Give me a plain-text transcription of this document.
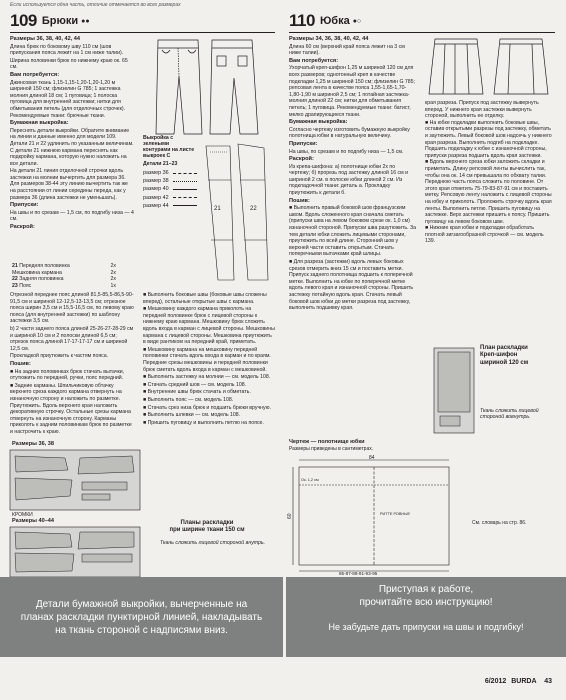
Если используется одна часть, отличие отмечается во всех размерах
109 Брюки ●●	110 Юбка ●○

Размеры 36, 38, 40, 42, 44

Длина брюк по боковому шву 110 см (шов припускания пояса лежит на 1 см ниже талии).

Ширина половинки брюк по нижнему краю ок. 65 см.

Вам потребуется:

Джинсовая ткань 1,15-1,15-1,20-1,20-1,20 м шириной 150 см; флизелин G 785; 1 застежка молния длиной 18 см; 1 пуговица; 1 полоска пуговица для внутренней застежки; нитки для обметывания петель (для отделочных строчек). Рекомендуемые ткани: брючные ткани.

Бумажная выкройка:

Переснять детали выкройки. Обратите внимание на линии и данные именно для модели 109. Детали 21 и 22 удлинить по указанным величинам. С детали 21 нижнюю кармана переснять как подкройку кармана, которую нужно наложить на все детали.

На детали 21 линия отделочной строчки вдоль застежки на молнии вычертить для размера 36. Для размеров 38-44 эту линию вычертить так же на расстоянии от линии середины переда, как у размера 36 (длина застежки не уменьшать).

Припуски:

На швы и по срезам — 1,5 см, по подгибу низа — 4 см.

Раскрой:

21 Передняя половинка	2x
Мешковина кармана	2x
22 Задняя половинка	2x
23 Пояс	1x

Отрезной переднее пояс длиной 81,5-85,5-86,5-90-91,5 см и шириной 12-12,5-13-13,5 см; отрезное пояса ширин 3,5 см и 15,5-16,5 см, по левому краю пояса (для внутренней застежки) по шаблону застежки 3,5 см.

b) 2 части заднего пояса длиной 25-26-27-28-29 см и шириной 10 см и 2 полоски длиной 6,5 см; отрезок пояса длиной 17-17-17-17 см и шириной 12,5 см.

Прокладкой приутюжить к частям пояса.

Пошив:

■ На задних половинках брюк стачать вытачки, отутюжить по передней, ручки, пояс передний.

■ Задние карманы. Шпильчиковую обтачку верхнего среза каждого кармана отвернуть на изнаночную сторону и наложить по разметке. Приутюжить. Вдоль верхнего края наложить декоративную строчку. Остальные срезы кармана отвернуть на изнаночную сторону. Карманы приколоть к задним половинкам брюк по разметке и настрочить к краю.

Выкройка с зелеными контурами на листе выкроек С
Детали 21–23
размер 36
размер 38
размер 40
размер 42
размер 44
21	22
Размеры 36, 38
КРОМКИ
Размеры 40–44	Планы раскладки
при ширине ткани 150 см
Ткань сложить лицевой стороной внутрь.

■ Выполнить боковые швы (боковые швы сложены вперед), остальные открытые швы с кармана.

■ Мешковину каждого кармана приколоть на передней половинке брюк с лицевой стороны к нижнему краю кармана. Мешковину брюк сложить вдоль входа в карман с лицевой стороны. Мешковины кармана с лицевой стороны. Мешковина приутюжить в виде рантиком на передний край, приметать.

■ Мешковину кармана на мешковину передней половинки стачать вдоль входа в карман и по краям. Передние срезы мешковины и передней половинки брюк сметать вдоль входа в карман с мешковиной.

■ Выполнить застежку на молнии — см. модель 108.

■ Стачать средний шов — см. модель 108.

■ Внутренние швы брюк стачать и обметать.

■ Выполнить пояс — см. модель 108.

■ Стачать срез низа брюк и подшить брюки вручную.

■ Выполнить шлевки — см. модель 108.

■ Пришить пуговицу и выполнить петлю на поясе.

Размеры 34, 36, 38, 40, 42, 44

Длина 60 см (верхний край пояса лежит на 3 см ниже талии).

Вам потребуется:

Ухорчатый креп-шифон 1,25 м шириной 120 см для всех размеров; однотонный креп в качестве подкладки 1,25 м шириной 150 см; флизелин G 785; репсовая лента в качестве пояса 1,55-1,65-1,70-1,80-1,90 м шириной 2,5 см; 1 потайная застежка-молния длиной 22 см; нитки для обметывания петель; 1 пуговица. Рекомендуемые ткани: батист, мелко драпирующиеся ткани.

Бумажная выкройка:

Согласно чертежу изготовить бумажную выкройку полотнища юбки в натуральную величину.

Припуски:

На швы, по срезам и по подгибу низа — 1,5 см.

Раскрой:

Из крепа-шифона: а) полотнище юбки 2x по чертежу; б) прорезь под застежку длиной 16 см и шириной 2 см. в полоске юбки длиной 2 см. Из подкладочной ткани: деталь а. Прокладку приутюжить к детали б.

Пошив:

■ Выполнить правый боковой шов французским швом. Вдоль сложенного края сначала сметать (припуски шва на левом боковом срезе ок. 1,0 см) изнаночной стороной. Припуски шва разутюжить. За тем детали юбки сложить лицевыми сторонами, приутюжить по всей длине. Сторонний шов у верхней части оставить открытым. Стачать поперечными вытачками край шлицы.

■ Для разреза (застежки) вдоль левых боковых срезов отмерить вниз 15 см и поставить метки. Припуск заднего полотнища подшить к поперечной метке. Выполнить на юбке по поперечной метке вдоль левого края и изнаночной стороны. Пришить застежку потайную вдоль края. Стачать левый боковой шов юбки до метки разреза под застежку, выполнить подшивку края.

края разреза. Припуск под застежку вывернуть вперед. У нижнего края застежки вывернуть стороной, выполнить ее отделку.
■ На юбке подкладки выполнить боковые швы, оставив открытыми разрезы под застежку, обметать и заутюжить. Левый боковой шов надсечь у нижнего края разреза. Выполнить подгиб на подкладке. Подшить подкладку к юбке с изнаночной стороны, припуски разреза подшить вдоль края застежки.
■ Вдоль верхнего среза юбки заложить складки и приметать. Длину репсовой ленты вычислить так, чтобы она ок. 14 см превышала по обхвату талии. Переднюю часть пояса сложить по половине. От этого края отметить 75-79-83-87-91 см и поставить метку. Репсовую ленту наложить с лицевой стороны на юбку и приколоть. Проложить строчку вдоль края ленты. Выполнить петлю. Пришить пуговицу на застежке. Верх застежки пришить к поясу. Пришить пуговицу на левом боковом шве.
■ Нижние края юбки и подкладки обработать плотной зигзагообразной строчкой — см. модель 139.
План раскладки
Креп-шифон
шириной 120 см
Ткань сложить лицевой стороной вовнутрь.
Чертеж — полотнище юбки
Размеры приведены в сантиметрах.
84
60
85-87-88-91-93-95
РИТТЕ РОВНЫЕ
Ок. 1,2 см
См. словарь на стр. 86.
Детали бумажной выкройки, вычерченные на планах раскладки пунктирной линией, накладывать на ткань стороной с надписями вниз.
Приступая к работе,
прочитайте всю инструкцию!
Не забудьте дать припуски на швы и подгибку!
6/2012 BURDA 43
